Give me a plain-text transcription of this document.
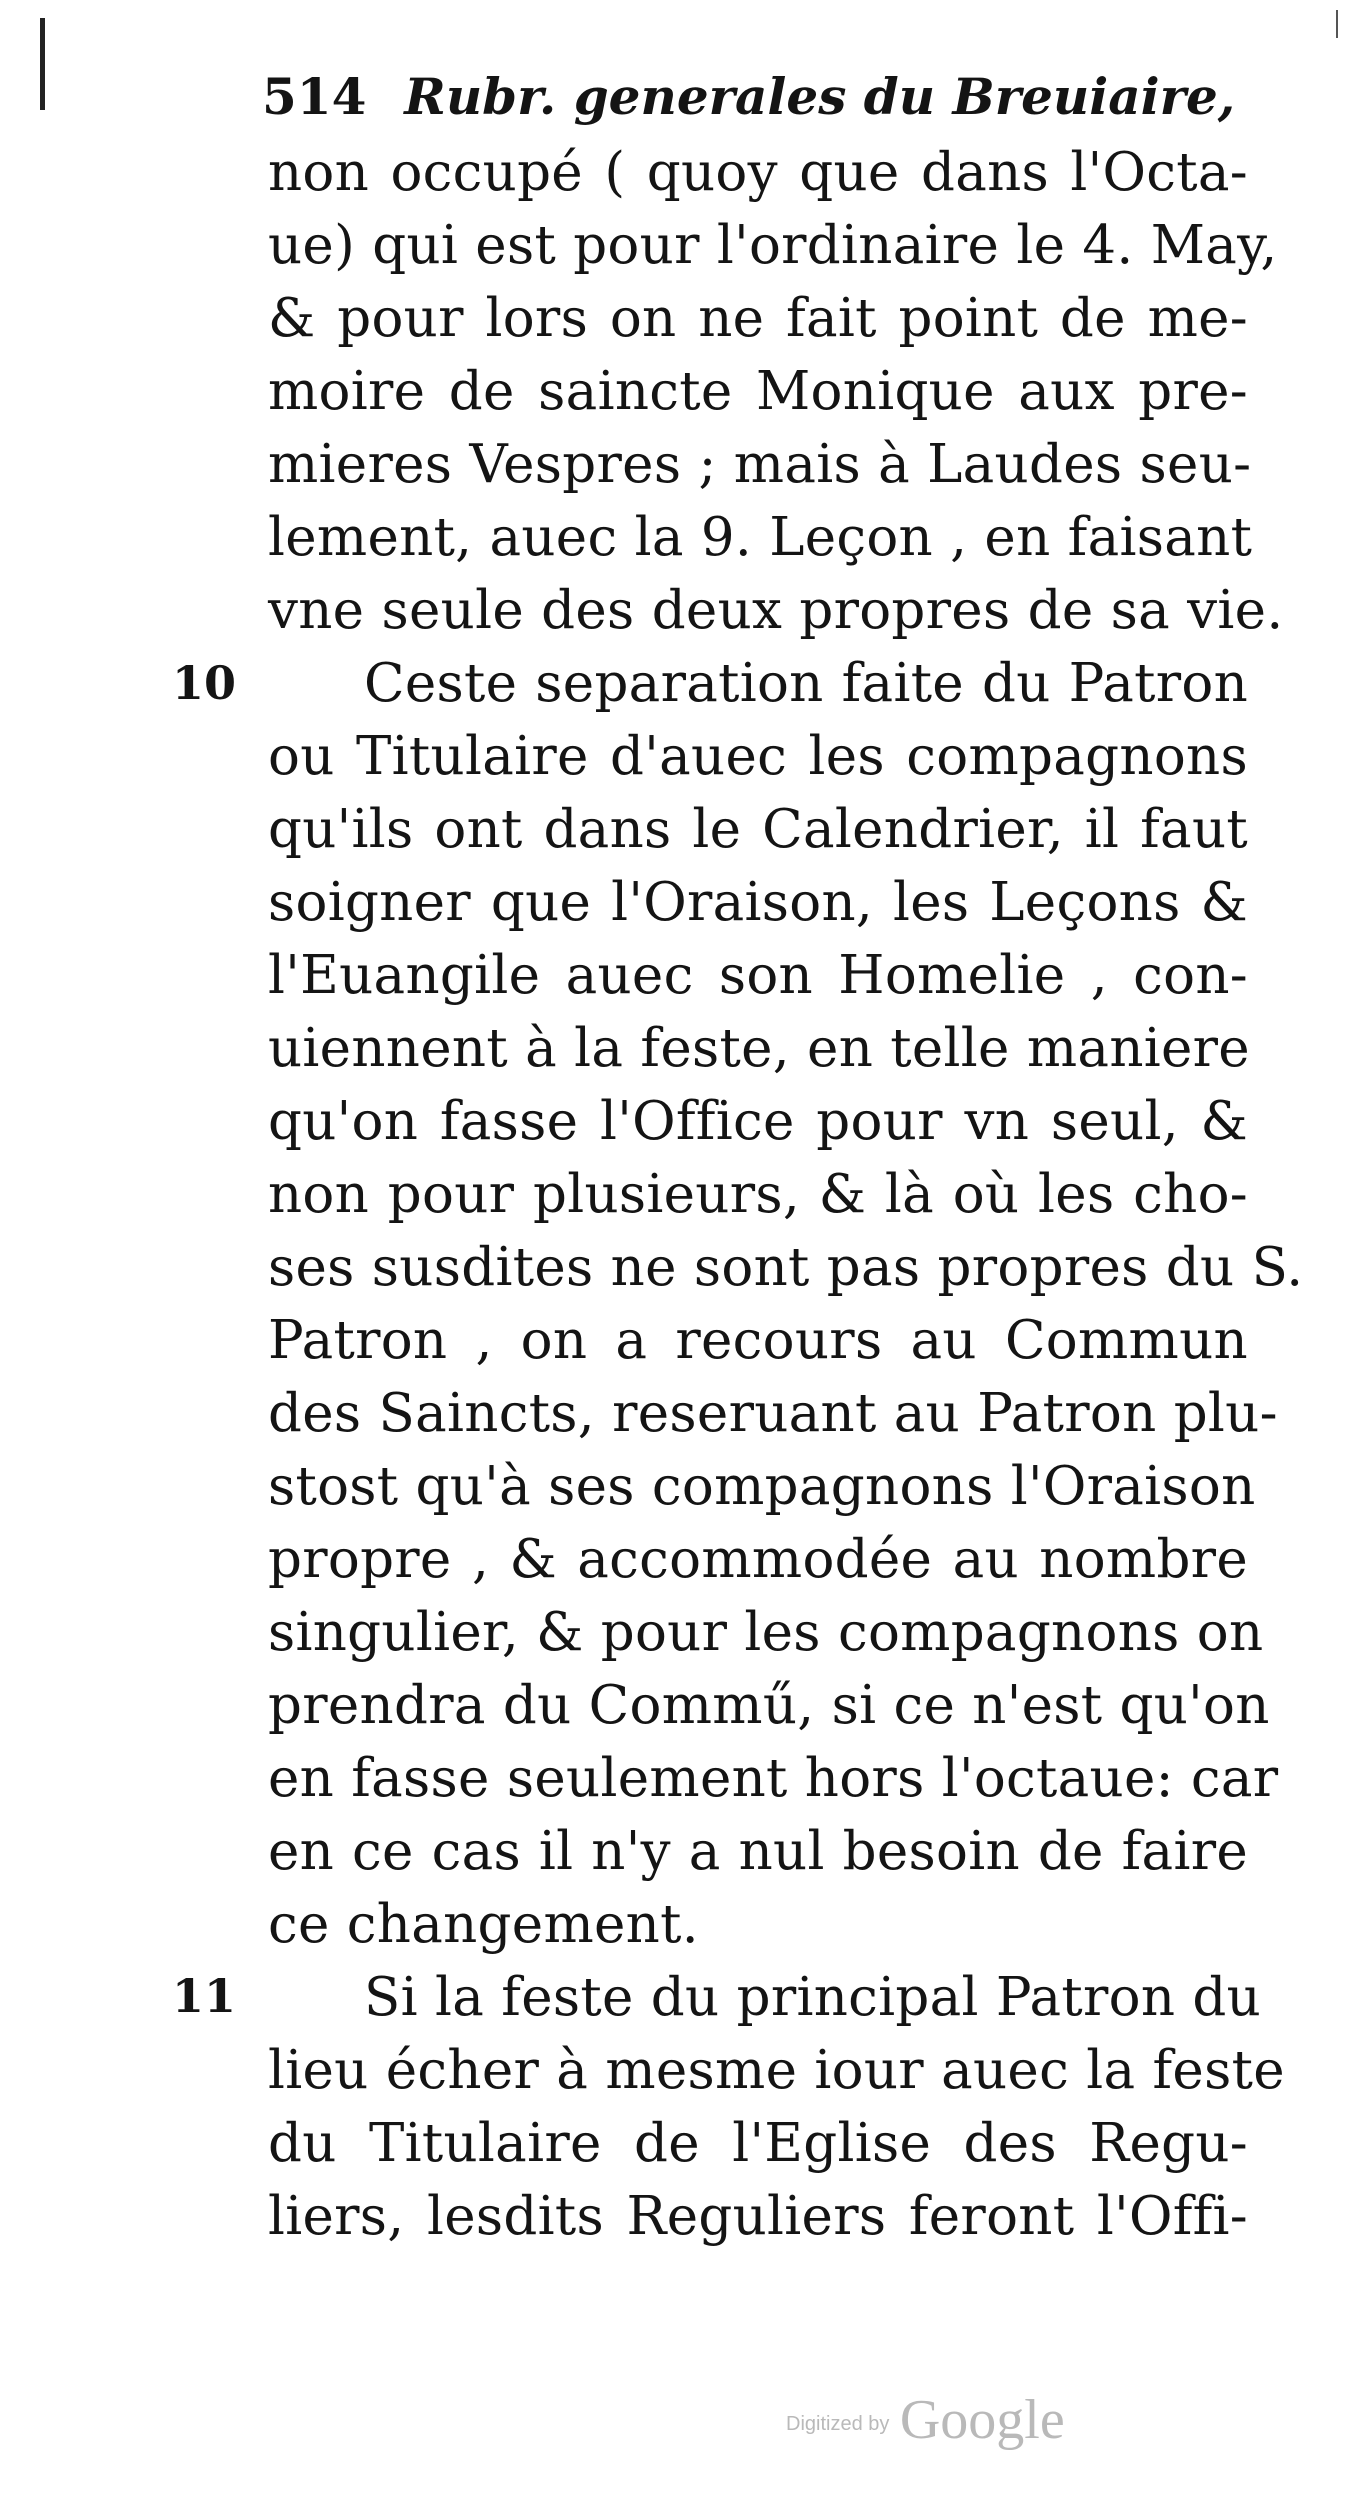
514 Rubr. generales du Breuiaire,
10
11
non occupé ( quoy que dans l'Octa-
ue) qui est pour l'ordinaire le 4. May,
& pour lors on ne fait point de me-
moire de saincte Monique aux pre-
mieres Vespres ; mais à Laudes seu-
lement, auec la 9. Leçon , en faisant
vne seule des deux propres de sa vie.
Ceste separation faite du Patron
ou Titulaire d'auec les compagnons
qu'ils ont dans le Calendrier, il faut
soigner que l'Oraison, les Leçons &
l'Euangile auec son Homelie , con-
uiennent à la feste, en telle maniere
qu'on fasse l'Office pour vn seul, &
non pour plusieurs, & là où les cho-
ses susdites ne sont pas propres du S.
Patron , on a recours au Commun
des Saincts, reseruant au Patron plu-
stost qu'à ses compagnons l'Oraison
propre , & accommodée au nombre
singulier, & pour les compagnons on
prendra du Commű, si ce n'est qu'on
en fasse seulement hors l'octaue: car
en ce cas il n'y a nul besoin de faire
ce changement.
Si la feste du principal Patron du
lieu écher à mesme iour auec la feste
du Titulaire de l'Eglise des Regu-
liers, lesdits Reguliers feront l'Offi-
Digitized by Google
